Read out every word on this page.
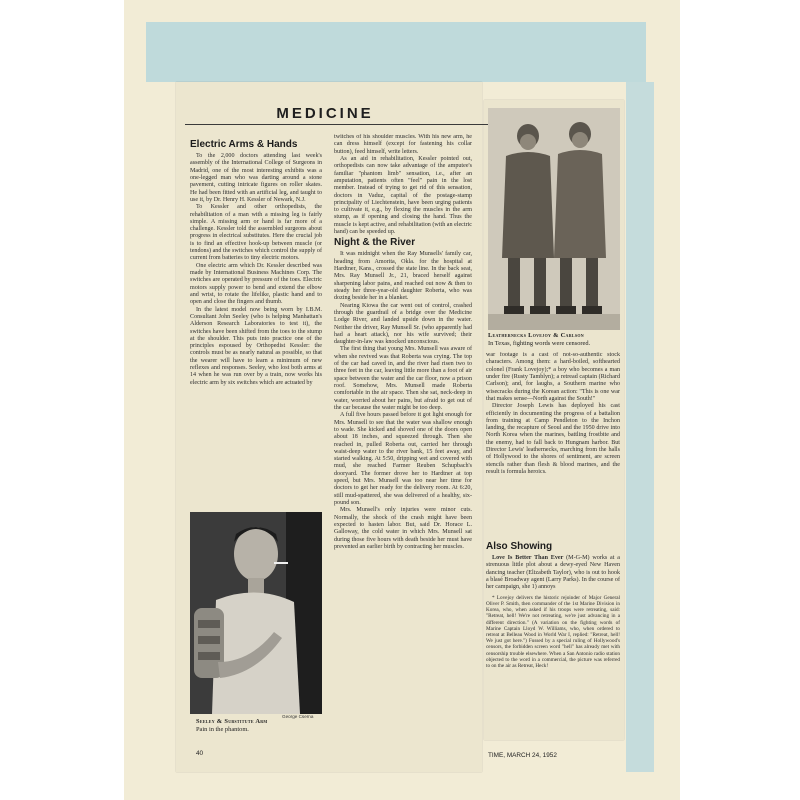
MEDICINE
Electric Arms & Hands

To the 2,000 doctors attending last week's assembly of the International College of Surgeons in Madrid, one of the most interesting exhibits was a one-legged man who was darting around a stone pavement, cutting intricate figures on roller skates. He had been fitted with an artificial leg, and taught to use it, by Dr. Henry H. Kessler of Newark, N.J.

To Kessler and other orthopedists, the rehabilitation of a man with a missing leg is fairly simple. A missing arm or hand is far more of a challenge. Kessler told the assembled surgeons about progress in electrical substitutes. Here the crucial job is to find an effective hook-up between muscle (or tendons) and the switches which control the supply of current from batteries to tiny electric motors.

One electric arm which Dr. Kessler described was made by International Business Machines Corp. The switches are operated by pressure of the toes. Electric motors supply power to bend and extend the elbow and wrist, to rotate the lifelike, plastic hand and to open and close the fingers and thumb.

In the latest model now being worn by I.B.M. Consultant John Seeley (who is helping Manhattan's Alderson Research Laboratories to test it), the switches have been shifted from the toes to the stump at the shoulder. This puts into practice one of the principles espoused by Orthopedist Kessler: the controls must be as nearly natural as possible, so that the wearer will have to learn a minimum of new reflexes and responses. Seeley, who lost both arms at 14 when he was run over by a train, now works his electric arm by six switches which are actuated by

George Cserna
Seeley & Substitute Arm
Pain in the phantom.

twitches of his shoulder muscles. With his new arm, he can dress himself (except for fastening his collar button), feed himself, write letters.

As an aid in rehabilitation, Kessler pointed out, orthopedists can now take advantage of the amputee's familiar "phantom limb" sensation, i.e., after an amputation, patients often "feel" pain in the lost member. Instead of trying to get rid of this sensation, doctors in Vaduz, capital of the postage-stamp principality of Liechtenstein, have been urging patients to cultivate it, e.g., by flexing the muscles in the arm stump, as if opening and closing the hand. Thus the muscle is kept active, and rehabilitation (with an electric hand) can be speeded up.

Night & the River

It was midnight when the Ray Munsells' family car, heading from Amorita, Okla. for the hospital at Hardtner, Kans., crossed the state line. In the back seat, Mrs. Ray Munsell Jr., 21, braced herself against sharpening labor pains, and reached out now & then to steady her three-year-old daughter Roberta, who was dozing beside her in a blanket.

Nearing Kiowa the car went out of control, crashed through the guardrail of a bridge over the Medicine Lodge River, and landed upside down in the water. Neither the driver, Ray Munsell Sr. (who apparently had had a heart attack), nor his wife survived; their daughter-in-law was knocked unconscious.

The first thing that young Mrs. Munsell was aware of when she revived was that Roberta was crying. The top of the car had caved in, and the river had risen two to three feet in the car, leaving little more than a foot of air space between the water and the car floor, now a prison roof. Somehow, Mrs. Munsell made Roberta comfortable in the air space. Then she sat, neck-deep in water, worried about her pains, but afraid to get out of the car because the water might be too deep.

A full five hours passed before it got light enough for Mrs. Munsell to see that the water was shallow enough to wade. She kicked and shoved one of the doors open about 18 inches, and squeezed through. Then she reached in, pulled Roberta out, carried her through waist-deep water to the river bank, 15 feet away, and started walking. At 5:50, dripping wet and covered with mud, she reached Farmer Reuben Schupbach's dooryard. The former drove her to Hardtner at top speed, but Mrs. Munsell was too near her time for doctors to get her ready for the delivery room. At 6:20, still mud-spattered, she was delivered of a healthy, six-pound son.

Mrs. Munsell's only injuries were minor cuts. Normally, the shock of the crash might have been expected to hasten labor. But, said Dr. Horace L. Galloway, the cold water in which Mrs. Munsell sat during those five hours with death beside her must have prevented an earlier birth by contracting her muscles.

Leathernecks Lovejoy & Carlson
In Texas, fighting words were censored.

war footage is a cast of not-so-authentic stock characters. Among them: a hard-boiled, softhearted colonel (Frank Lovejoy);* a boy who becomes a man under fire (Rusty Tamblyn); a retread captain (Richard Carlson); and, for laughs, a Southern marine who wisecracks during the Korean action: "This is one war that makes sense—North against the South!"

Director Joseph Lewis has deployed his cast efficiently in documenting the progress of a battalion from training at Camp Pendleton to the Inchon landing, the recapture of Seoul and the 1950 drive into North Korea when the marines, battling frostbite and the enemy, had to fall back to Hungnam harbor. But Director Lewis' leathernecks, marching from the halls of Hollywood to the shores of sentiment, are screen stencils rather than flesh & blood marines, and the result is formula heroics.

Also Showing

Love Is Better Than Ever (M-G-M) works at a strenuous little plot about a dewy-eyed New Haven dancing teacher (Elizabeth Taylor), who is out to hook a blasé Broadway agent (Larry Parks). In the course of her campaign, she 1) annoys

* Lovejoy delivers the historic rejoinder of Major General Oliver P. Smith, then commander of the 1st Marine Division in Korea, who, when asked if his troops were retreating, said: "Retreat, hell! We're not retreating, we're just advancing in a different direction." (A variation on the fighting words of Marine Captain Lloyd W. Williams, who, when ordered to retreat at Belleau Wood in World War I, replied: "Retreat, hell! We just got here.") Fussed by a special ruling of Hollywood's censors, the forbidden screen word "hell" has already met with censorship trouble elsewhere. When a San Antonio radio station objected to the word in a commercial, the picture was referred to on the air as Retreat, Heck!

40	TIME, MARCH 24, 1952
